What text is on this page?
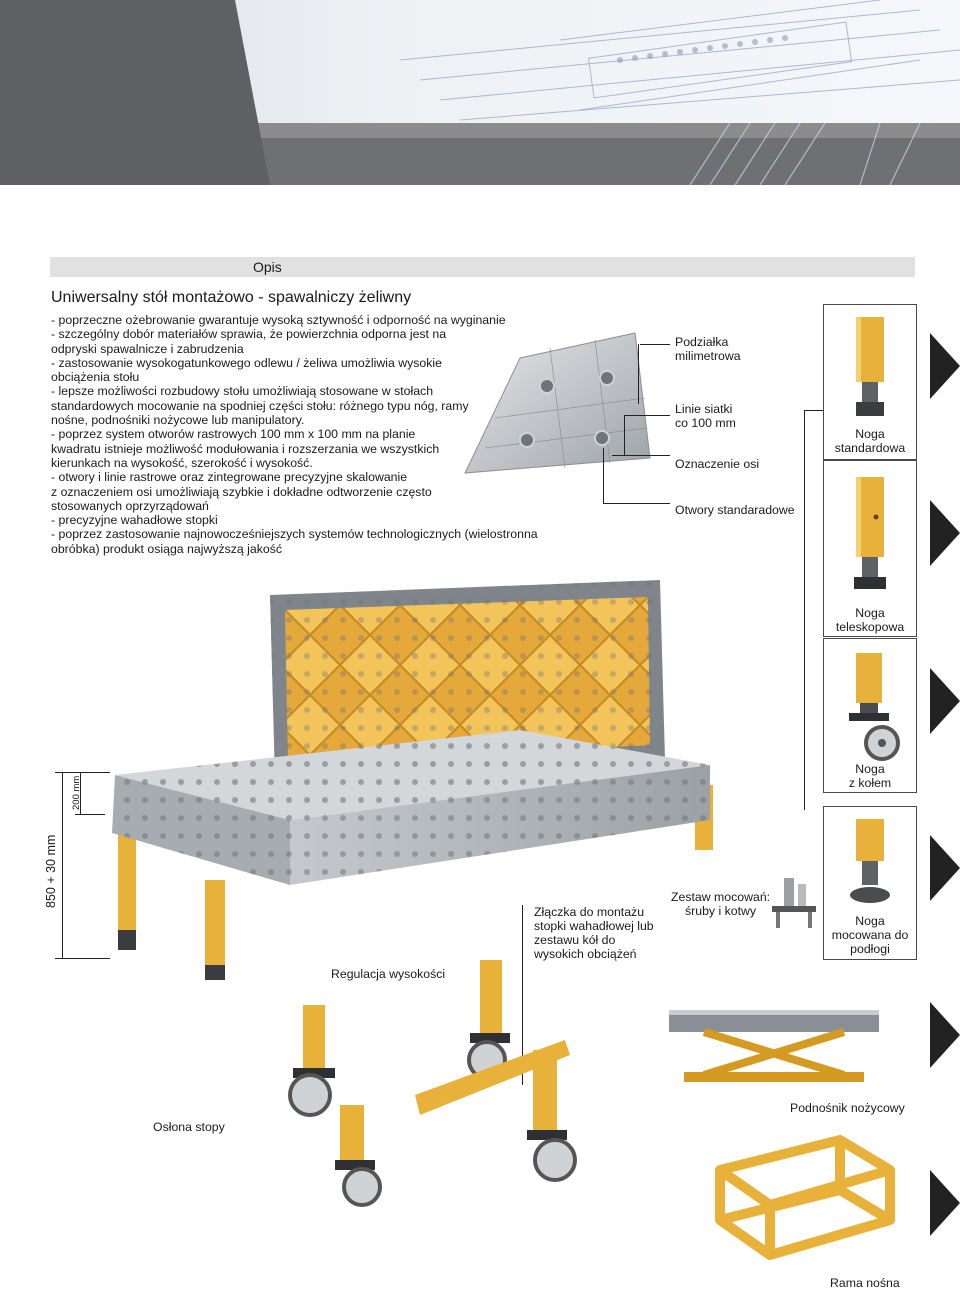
Opis
Uniwersalny stół montażowo - spawalniczy żeliwny
- poprzeczne ożebrowanie gwarantuje wysoką sztywność i odporność na wyginanie
- szczególny dobór materiałów sprawia, że powierzchnia odporna jest na
odpryski spawalnicze i zabrudzenia
- zastosowanie wysokogatunkowego odlewu / żeliwa umożliwia wysokie
obciążenia stołu
- lepsze możliwości rozbudowy stołu umożliwiają stosowane w stołach
standardowych mocowanie na spodniej części stołu: różnego typu nóg, ramy
nośne, podnośniki nożycowe lub manipulatory.
- poprzez system otworów rastrowych 100 mm x 100 mm na planie
kwadratu istnieje możliwość modułowania i rozszerzania we wszystkich
kierunkach na wysokość, szerokość i wysokość.
- otwory i linie rastrowe oraz zintegrowane precyzyjne skalowanie
z oznaczeniem osi umożliwiają szybkie i dokładne odtworzenie często
stosowanych oprzyrządowań
- precyzyjne wahadłowe stopki
- poprzez zastosowanie najnowocześniejszych systemów technologicznych (wielostronna
obróbka) produkt osiąga najwyższą jakość
Podziałka
milimetrowa
Linie siatki
co 100 mm
Oznaczenie osi
Otwory standaradowe
Noga
standardowa
Noga
teleskopowa
Noga
z kołem
Noga
mocowana do
podłogi
850 + 30 mm
200 mm
Regulacja wysokości
Złączka do montażu
stopki wahadłowej lub
zestawu kół do
wysokich obciążeń
Zestaw mocowań:
śruby i kotwy
Osłona stopy
Podnośnik nożycowy
Rama nośna
